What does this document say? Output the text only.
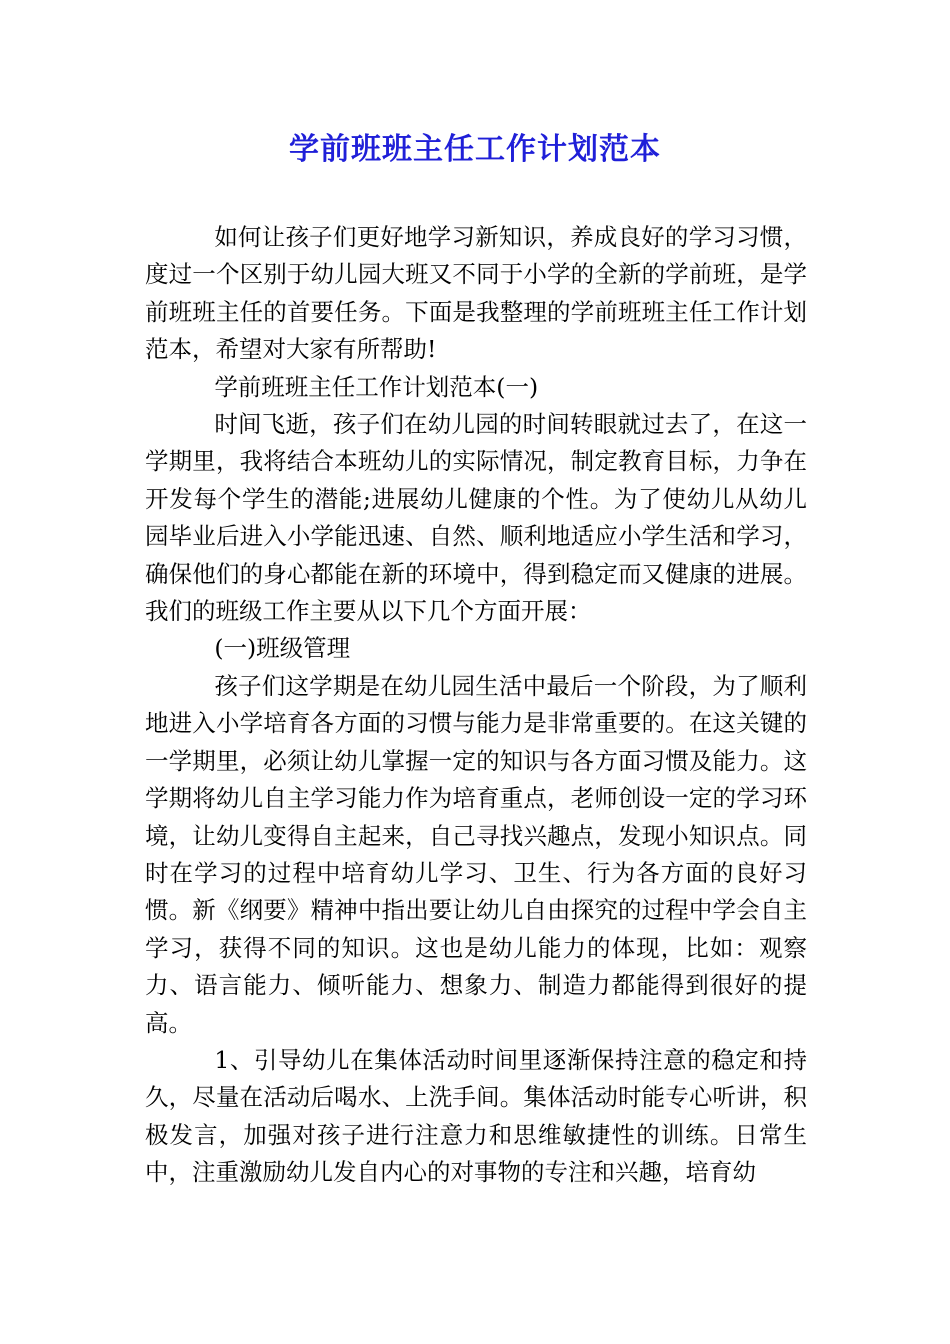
学前班班主任工作计划范本

如何让孩子们更好地学习新知识，养成良好的学习习惯， 度过一个区别于幼儿园大班又不同于小学的全新的学前班，是学前班班主任的首要任务。下面是我整理的学前班班主任工作计划范本，希望对大家有所帮助!

学前班班主任工作计划范本(一)

时间飞逝，孩子们在幼儿园的时间转眼就过去了，在这一学期里，我将结合本班幼儿的实际情况，制定教育目标，力争在开发每个学生的潜能;进展幼儿健康的个性。为了使幼儿从幼儿园毕业后进入小学能迅速、自然、顺利地适应小学生活和学习，确保他们的身心都能在新的环境中，得到稳定而又健康的进展。我们的班级工作主要从以下几个方面开展：

(一)班级管理

孩子们这学期是在幼儿园生活中最后一个阶段，为了顺利地进入小学培育各方面的习惯与能力是非常重要的。在这关键的一学期里，必须让幼儿掌握一定的知识与各方面习惯及能力。这学期将幼儿自主学习能力作为培育重点，老师创设一定的学习环境，让幼儿变得自主起来，自己寻找兴趣点，发现小知识点。同时在学习的过程中培育幼儿学习、卫生、行为各方面的良好习惯。新《纲要》精神中指出要让幼儿自由探究的过程中学会自主学习，获得不同的知识。这也是幼儿能力的体现，比如：观察力、语言能力、倾听能力、想象力、制造力都能得到很好的提高。

1、引导幼儿在集体活动时间里逐渐保持注意的稳定和持久，尽量在活动后喝水、上洗手间。集体活动时能专心听讲，积极发言，加强对孩子进行注意力和思维敏捷性的训练。日常生中，注重激励幼儿发自内心的对事物的专注和兴趣，培育幼
